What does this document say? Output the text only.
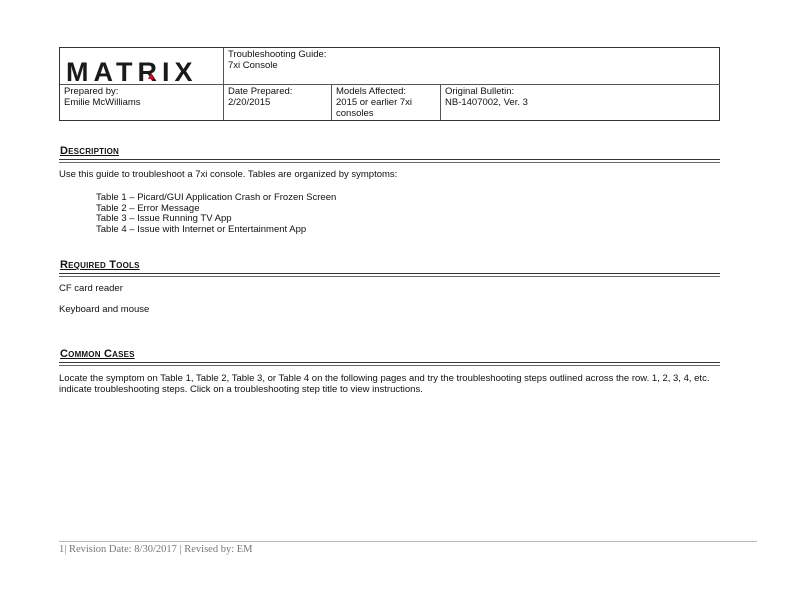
MATRIX
Troubleshooting Guide:
7xi Console
Prepared by:
Emilie McWilliams
Date Prepared:
2/20/2015
Models Affected:
2015 or earlier 7xi
consoles
Original Bulletin:
NB-1407002, Ver. 3
Description
Use this guide to troubleshoot a 7xi console. Tables are organized by symptoms:
Table 1 – Picard/GUI Application Crash or Frozen Screen
Table 2 – Error Message
Table 3 – Issue Running TV App
Table 4 – Issue with Internet or Entertainment App
Required Tools
CF card reader
Keyboard and mouse
Common Cases
Locate the symptom on Table 1, Table 2, Table 3, or Table 4 on the following pages and try the troubleshooting steps outlined across the row. 1, 2, 3, 4, etc.
indicate troubleshooting steps. Click on a troubleshooting step title to view instructions.
1| Revision Date: 8/30/2017 | Revised by: EM
